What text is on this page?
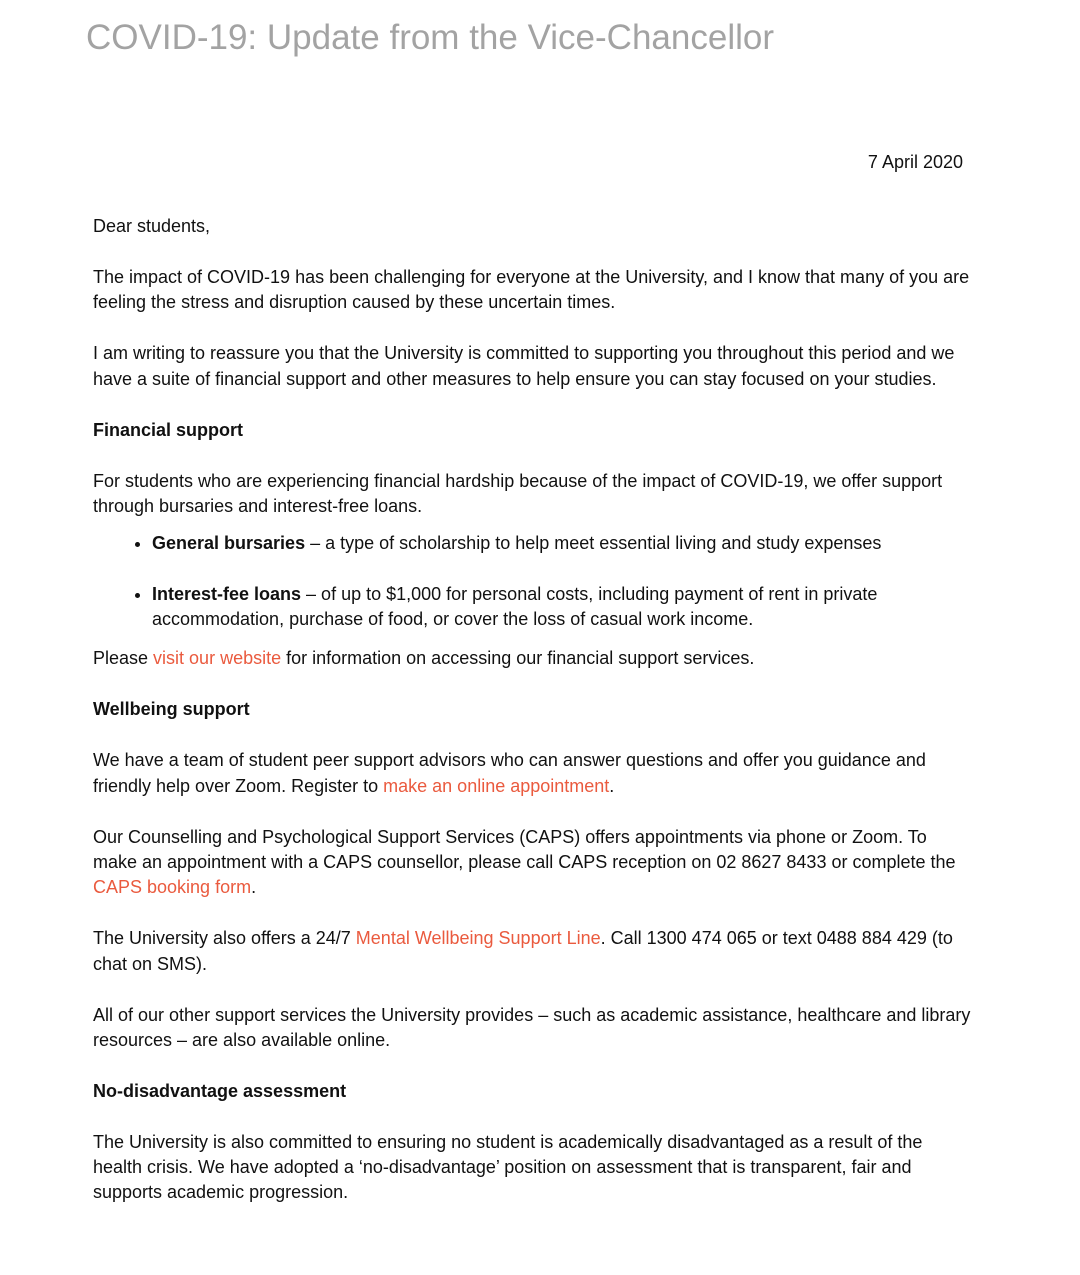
COVID-19: Update from the Vice-Chancellor
7 April 2020

Dear students,

The impact of COVID-19 has been challenging for everyone at the University, and I know that many of you are feeling the stress and disruption caused by these uncertain times.

I am writing to reassure you that the University is committed to supporting you throughout this period and we have a suite of financial support and other measures to help ensure you can stay focused on your studies.

Financial support

For students who are experiencing financial hardship because of the impact of COVID-19, we offer support through bursaries and interest-free loans.

• General bursaries – a type of scholarship to help meet essential living and study expenses
• Interest-fee loans – of up to $1,000 for personal costs, including payment of rent in private accommodation, purchase of food, or cover the loss of casual work income.

Please visit our website for information on accessing our financial support services.

Wellbeing support

We have a team of student peer support advisors who can answer questions and offer you guidance and friendly help over Zoom. Register to make an online appointment.

Our Counselling and Psychological Support Services (CAPS) offers appointments via phone or Zoom. To make an appointment with a CAPS counsellor, please call CAPS reception on 02 8627 8433 or complete the CAPS booking form.

The University also offers a 24/7 Mental Wellbeing Support Line. Call 1300 474 065 or text 0488 884 429 (to chat on SMS).

All of our other support services the University provides – such as academic assistance, healthcare and library resources – are also available online.

No-disadvantage assessment

The University is also committed to ensuring no student is academically disadvantaged as a result of the health crisis. We have adopted a ‘no-disadvantage’ position on assessment that is transparent, fair and supports academic progression.
